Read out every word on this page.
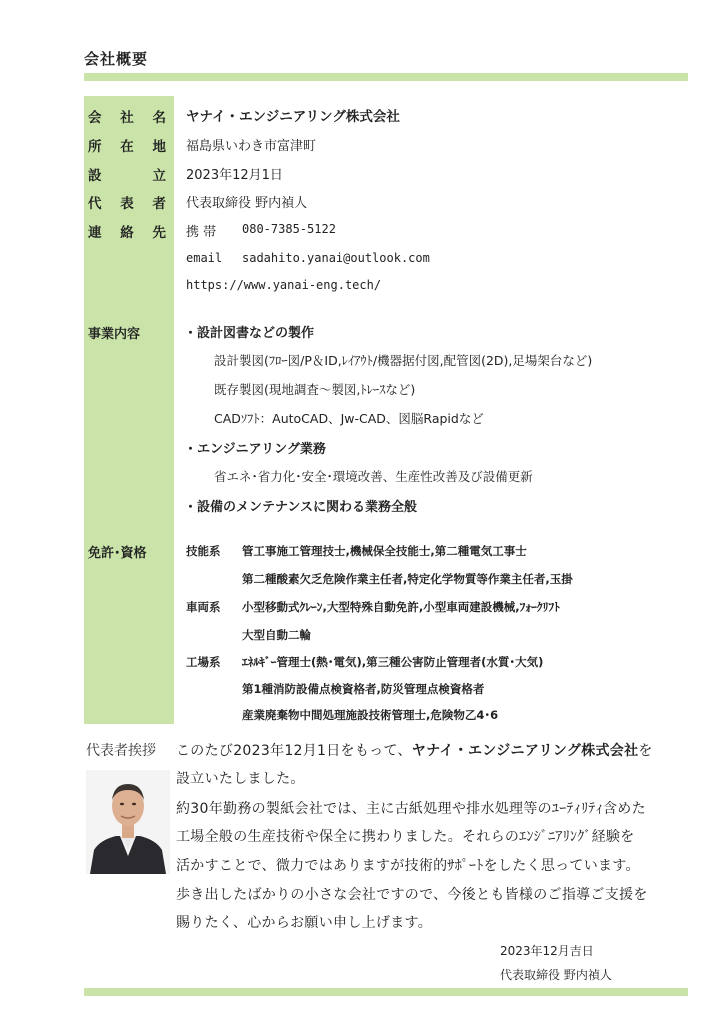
会社概要
会 社 名 ヤナイ・エンジニアリング株式会社
所 在 地 福島県いわき市富津町
設	立 2023年12月1日
代 表 者 代表取締役 野内禎人
連 絡 先 携 帯 080-7385-5122
email sadahito.yanai@outlook.com
https://www.yanai-eng.tech/
事業内容	・設計図書などの製作
設計製図(ﾌﾛｰ図/P＆ID,ﾚｲｱｳﾄ/機器据付図,配管図(2D),足場架台など)
既存製図(現地調査～製図,ﾄﾚｰｽなど)
CADｿﾌﾄ：AutoCAD、Jw-CAD、図脳Rapidなど
・エンジニアリング業務
省エネ･省力化･安全･環境改善、生産性改善及び設備更新
・設備のメンテナンスに関わる業務全般
免許･資格	技能系 管工事施工管理技士,機械保全技能士,第二種電気工事士
第二種酸素欠乏危険作業主任者,特定化学物質等作業主任者,玉掛
車両系 小型移動式ｸﾚｰﾝ,大型特殊自動免許,小型車両建設機械,ﾌｫｰｸﾘﾌﾄ
大型自動二輪
工場系 ｴﾈﾙｷﾞｰ管理士(熱･電気),第三種公害防止管理者(水質･大気)
第1種消防設備点検資格者,防災管理点検資格者
産業廃棄物中間処理施設技術管理士,危険物乙4･6
代表者挨拶 このたび2023年12月1日をもって、ヤナイ・エンジニアリング株式会社を
設立いたしました。
約30年勤務の製紙会社では、主に古紙処理や排水処理等のﾕｰﾃｨﾘﾃｨ含めた
工場全般の生産技術や保全に携わりました。それらのｴﾝｼﾞﾆｱﾘﾝｸﾞ経験を
活かすことで、微力ではありますが技術的ｻﾎﾟｰﾄをしたく思っています。
歩き出したばかりの小さな会社ですので、今後とも皆様のご指導ご支援を
賜りたく、心からお願い申し上げます。
2023年12月吉日
代表取締役 野内禎人
